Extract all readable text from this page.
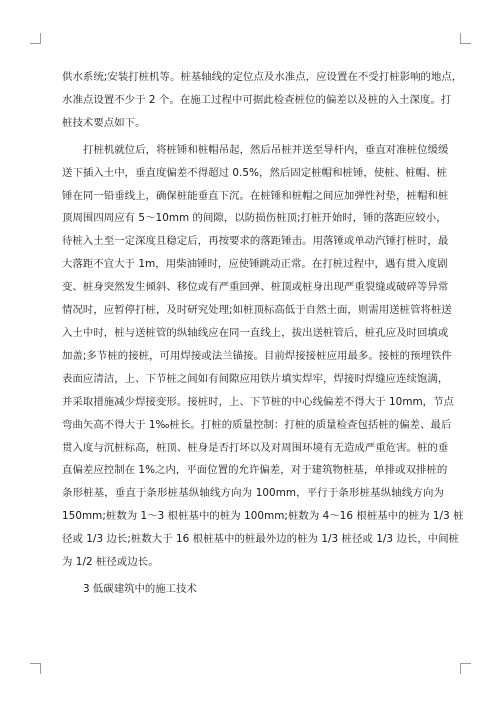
供水系统;安装打桩机等。桩基轴线的定位点及水准点，应设置在不受打桩影响的地点，
水准点设置不少于 2 个。在施工过程中可据此检查桩位的偏差以及桩的入土深度。打
桩技术要点如下。

打桩机就位后，将桩锤和桩帽吊起，然后吊桩并送至导杆内，垂直对准桩位缓缓
送下插入土中，垂直度偏差不得超过 0.5%，然后固定桩帽和桩锤，使桩、桩帽、桩
锤在同一铅垂线上，确保桩能垂直下沉。在桩锤和桩帽之间应加弹性衬垫，桩帽和桩
顶周围四周应有 5～10mm 的间隙，以防损伤桩顶;打桩开始时，锤的落距应较小，
待桩入土至一定深度且稳定后，再按要求的落距锤击。用落锤或单动汽锤打桩时，最
大落距不宜大于 1m，用柴油锤时，应使锤跳动正常。在打桩过程中，遇有贯入度剧
变、桩身突然发生倾斜、移位或有严重回弹、桩顶或桩身出现严重裂缝或破碎等异常
情况时，应暂停打桩，及时研究处理;如桩顶标高低于自然土面，则需用送桩管将桩送
入土中时，桩与送桩管的纵轴线应在同一直线上，拔出送桩管后，桩孔应及时回填或
加盖;多节桩的接桩，可用焊接或法兰锚接。目前焊接接桩应用最多。接桩的预埋铁件
表面应清洁，上、下节桩之间如有间隙应用铁片填实焊牢，焊接时焊缝应连续饱满，
并采取措施减少焊接变形。接桩时，上、下节桩的中心线偏差不得大于 10mm，节点
弯曲矢高不得大于 1‰桩长。打桩的质量控制：打桩的质量检查包括桩的偏差、最后
贯入度与沉桩标高，桩顶、桩身是否打坏以及对周围环境有无造成严重危害。桩的垂
直偏差应控制在 1%之内，平面位置的允许偏差，对于建筑物桩基，单排或双排桩的
条形桩基，垂直于条形桩基纵轴线方向为 100mm，平行于条形桩基纵轴线方向为
150mm;桩数为 1～3 根桩基中的桩为 100mm;桩数为 4～16 根桩基中的桩为 1/3 桩
径或 1/3 边长;桩数大于 16 根桩基中的桩最外边的桩为 1/3 桩径或 1/3 边长，中间桩
为 1/2 桩径或边长。

3 低碳建筑中的施工技术
